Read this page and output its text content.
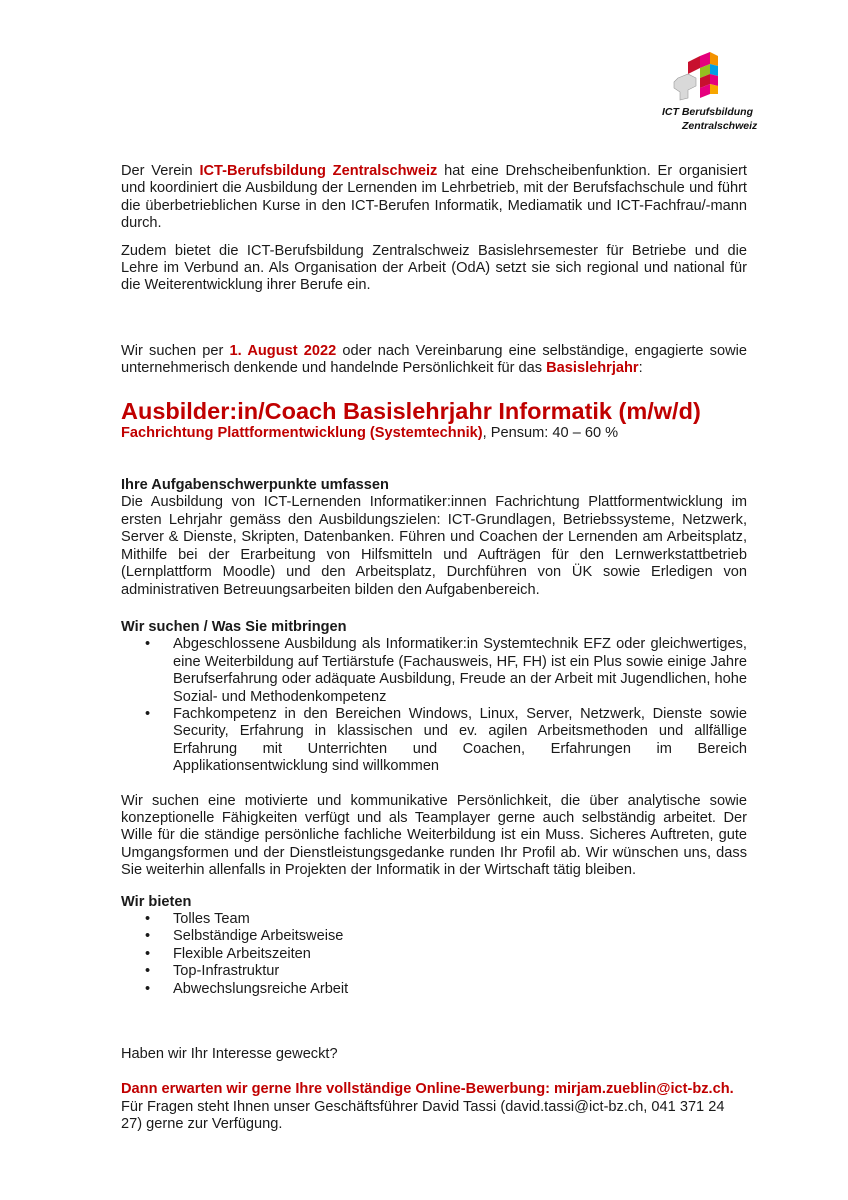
ICT Berufsbildung
Zentralschweiz

Der Verein ICT-Berufsbildung Zentralschweiz hat eine Drehscheibenfunktion. Er organisiert und koordiniert die Ausbildung der Lernenden im Lehrbetrieb, mit der Berufsfachschule und führt die überbetrieblichen Kurse in den ICT-Berufen Informatik, Mediamatik und ICT-Fachfrau/-mann durch.

Zudem bietet die ICT-Berufsbildung Zentralschweiz Basislehrsemester für Betriebe und die Lehre im Verbund an. Als Organisation der Arbeit (OdA) setzt sie sich regional und national für die Weiterentwicklung ihrer Berufe ein.

Wir suchen per 1. August 2022 oder nach Vereinbarung eine selbständige, engagierte sowie unternehmerisch denkende und handelnde Persönlichkeit für das Basislehrjahr:

Ausbilder:in/Coach Basislehrjahr Informatik (m/w/d)

Fachrichtung Plattformentwicklung (Systemtechnik), Pensum: 40 – 60 %

Ihre Aufgabenschwerpunkte umfassen

Die Ausbildung von ICT-Lernenden Informatiker:innen Fachrichtung Plattformentwicklung im ersten Lehrjahr gemäss den Ausbildungszielen: ICT-Grundlagen, Betriebssysteme, Netzwerk, Server & Dienste, Skripten, Datenbanken. Führen und Coachen der Lernenden am Arbeitsplatz, Mithilfe bei der Erarbeitung von Hilfsmitteln und Aufträgen für den Lernwerkstattbetrieb (Lernplattform Moodle) und den Arbeitsplatz, Durchführen von ÜK sowie Erledigen von administrativen Betreuungsarbeiten bilden den Aufgabenbereich.

Wir suchen / Was Sie mitbringen

• Abgeschlossene Ausbildung als Informatiker:in Systemtechnik EFZ oder gleichwertiges, eine Weiterbildung auf Tertiärstufe (Fachausweis, HF, FH) ist ein Plus sowie einige Jahre Berufserfahrung oder adäquate Ausbildung, Freude an der Arbeit mit Jugendlichen, hohe Sozial- und Methodenkompetenz
• Fachkompetenz in den Bereichen Windows, Linux, Server, Netzwerk, Dienste sowie Security, Erfahrung in klassischen und ev. agilen Arbeitsmethoden und allfällige Erfahrung mit Unterrichten und Coachen, Erfahrungen im Bereich Applikationsentwicklung sind willkommen

Wir suchen eine motivierte und kommunikative Persönlichkeit, die über analytische sowie konzeptionelle Fähigkeiten verfügt und als Teamplayer gerne auch selbständig arbeitet. Der Wille für die ständige persönliche fachliche Weiterbildung ist ein Muss. Sicheres Auftreten, gute Umgangsformen und der Dienstleistungsgedanke runden Ihr Profil ab. Wir wünschen uns, dass Sie weiterhin allenfalls in Projekten der Informatik in der Wirtschaft tätig bleiben.

Wir bieten

• Tolles Team
• Selbständige Arbeitsweise
• Flexible Arbeitszeiten
• Top-Infrastruktur
• Abwechslungsreiche Arbeit

Haben wir Ihr Interesse geweckt?

Dann erwarten wir gerne Ihre vollständige Online-Bewerbung: mirjam.zueblin@ict-bz.ch.

Für Fragen steht Ihnen unser Geschäftsführer David Tassi (david.tassi@ict-bz.ch, 041 371 24 27) gerne zur Verfügung.
